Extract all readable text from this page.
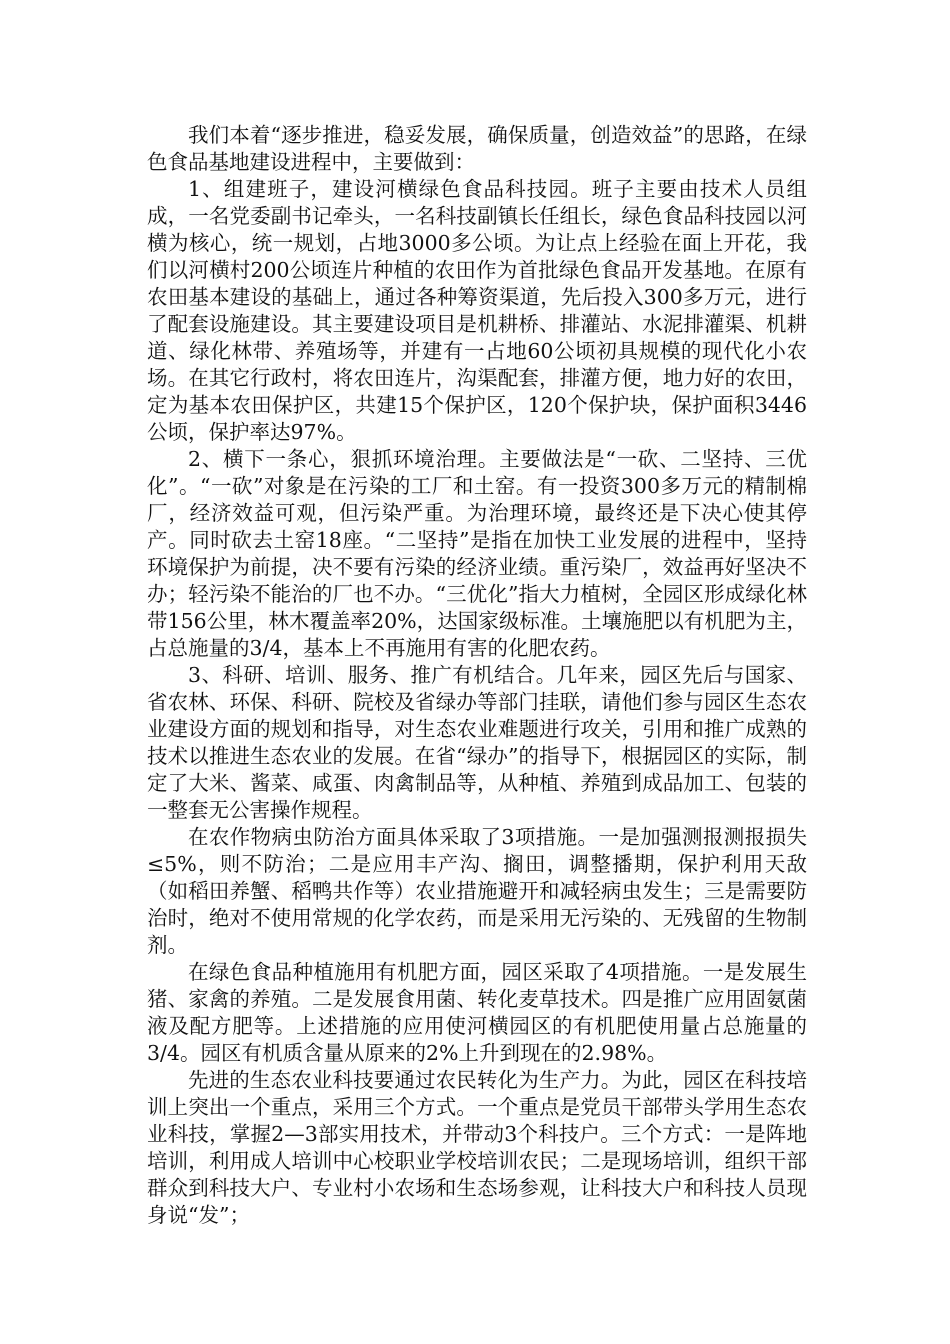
我们本着“逐步推进，稳妥发展，确保质量，创造效益”的思路，在绿色食品基地建设进程中，主要做到：

1、组建班子，建设河横绿色食品科技园。班子主要由技术人员组成，一名党委副书记牵头，一名科技副镇长任组长，绿色食品科技园以河横为核心，统一规划，占地3000多公顷。为让点上经验在面上开花，我们以河横村200公顷连片种植的农田作为首批绿色食品开发基地。在原有农田基本建设的基础上，通过各种筹资渠道，先后投入300多万元，进行了配套设施建设。其主要建设项目是机耕桥、排灌站、水泥排灌渠、机耕道、绿化林带、养殖场等，并建有一占地60公顷初具规模的现代化小农场。在其它行政村，将农田连片，沟渠配套，排灌方便，地力好的农田，定为基本农田保护区，共建15个保护区，120个保护块，保护面积3446公顷，保护率达97%。

2、横下一条心，狠抓环境治理。主要做法是“一砍、二坚持、三优化”。“一砍”对象是在污染的工厂和土窑。有一投资300多万元的精制棉厂，经济效益可观，但污染严重。为治理环境，最终还是下决心使其停产。同时砍去土窑18座。“二坚持”是指在加快工业发展的进程中，坚持环境保护为前提，决不要有污染的经济业绩。重污染厂，效益再好坚决不办；轻污染不能治的厂也不办。“三优化”指大力植树，全园区形成绿化林带156公里，林木覆盖率20%，达国家级标准。土壤施肥以有机肥为主，占总施量的3/4，基本上不再施用有害的化肥农药。

3、科研、培训、服务、推广有机结合。几年来，园区先后与国家、省农林、环保、科研、院校及省绿办等部门挂联，请他们参与园区生态农业建设方面的规划和指导，对生态农业难题进行攻关，引用和推广成熟的技术以推进生态农业的发展。在省“绿办”的指导下，根据园区的实际，制定了大米、酱菜、咸蛋、肉禽制品等，从种植、养殖到成品加工、包装的一整套无公害操作规程。

在农作物病虫防治方面具体采取了3项措施。一是加强测报测报损失≤5%，则不防治；二是应用丰产沟、搁田，调整播期，保护利用天敌（如稻田养蟹、稻鸭共作等）农业措施避开和减轻病虫发生；三是需要防治时，绝对不使用常规的化学农药，而是采用无污染的、无残留的生物制剂。

在绿色食品种植施用有机肥方面，园区采取了4项措施。一是发展生猪、家禽的养殖。二是发展食用菌、转化麦草技术。四是推广应用固氨菌液及配方肥等。上述措施的应用使河横园区的有机肥使用量占总施量的3/4。园区有机质含量从原来的2%上升到现在的2.98%。

先进的生态农业科技要通过农民转化为生产力。为此，园区在科技培训上突出一个重点，采用三个方式。一个重点是党员干部带头学用生态农业科技，掌握2—3部实用技术，并带动3个科技户。三个方式：一是阵地培训，利用成人培训中心校职业学校培训农民；二是现场培训，组织干部群众到科技大户、专业村小农场和生态场参观，让科技大户和科技人员现身说“发”；
